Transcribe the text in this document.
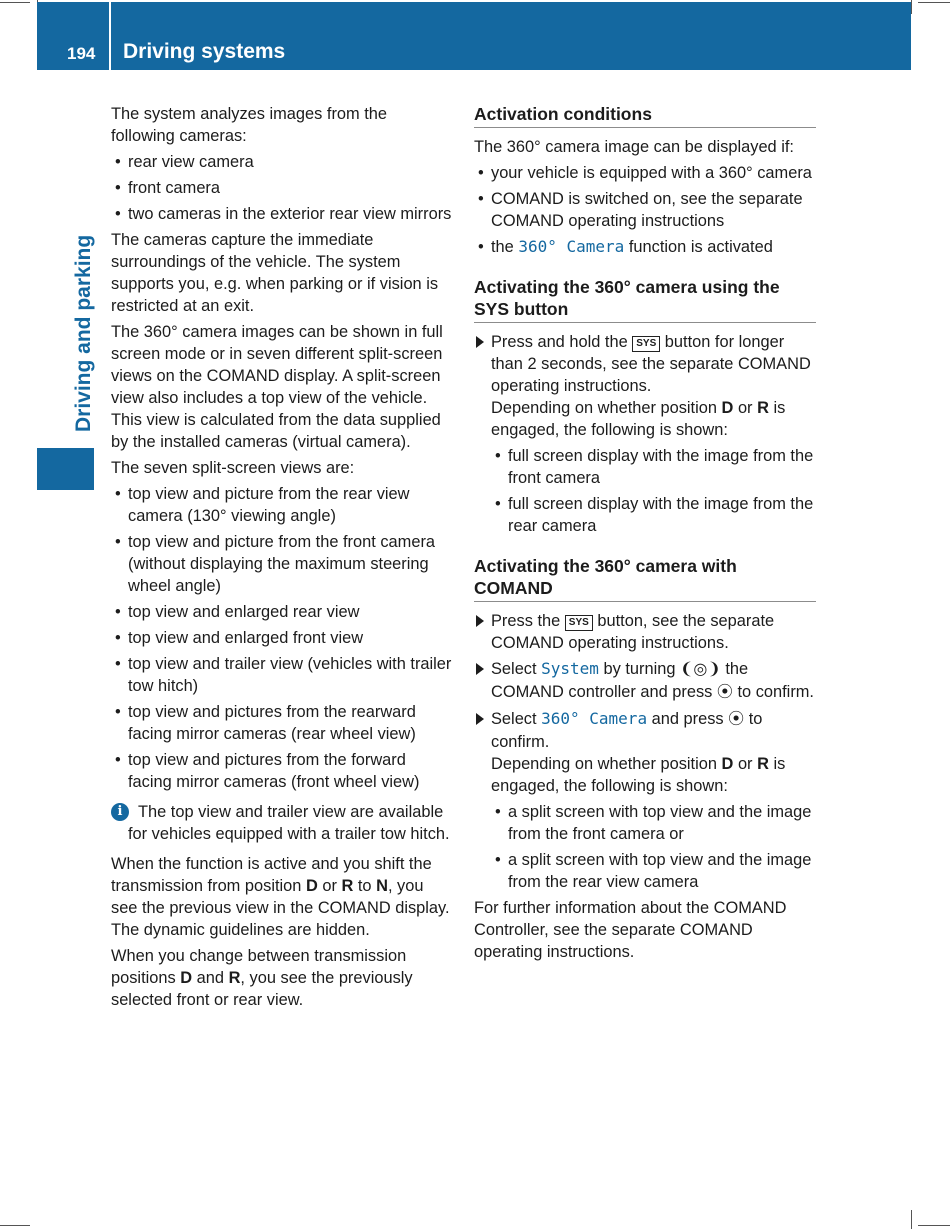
194 Driving systems
Driving and parking

The system analyzes images from the following cameras:

• rear view camera
• front camera
• two cameras in the exterior rear view mirrors

The cameras capture the immediate surroundings of the vehicle. The system supports you, e.g. when parking or if vision is restricted at an exit.

The 360° camera images can be shown in full screen mode or in seven different split-screen views on the COMAND display. A split-screen view also includes a top view of the vehicle. This view is calculated from the data supplied by the installed cameras (virtual camera).

The seven split-screen views are:

• top view and picture from the rear view camera (130° viewing angle)
• top view and picture from the front camera (without displaying the maximum steering wheel angle)
• top view and enlarged rear view
• top view and enlarged front view
• top view and trailer view (vehicles with trailer tow hitch)
• top view and pictures from the rearward facing mirror cameras (rear wheel view)
• top view and pictures from the forward facing mirror cameras (front wheel view)
i The top view and trailer view are available for vehicles equipped with a trailer tow hitch.

When the function is active and you shift the transmission from position D or R to N, you see the previous view in the COMAND display. The dynamic guidelines are hidden.

When you change between transmission positions D and R, you see the previously selected front or rear view.

Activation conditions

The 360° camera image can be displayed if:

• your vehicle is equipped with a 360° camera
• COMAND is switched on, see the separate COMAND operating instructions
• the 360° Camera function is activated
Activating the 360° camera using the SYS button
Press and hold the SYS button for longer than 2 seconds, see the separate COMAND operating instructions.
Depending on whether position D or R is engaged, the following is shown:
• full screen display with the image from the front camera
• full screen display with the image from the rear camera
Activating the 360° camera with COMAND
Press the SYS button, see the separate COMAND operating instructions.
Select System by turning ❨◎❩ the COMAND controller and press ⦿ to confirm.
Select 360° Camera and press ⦿ to confirm.
Depending on whether position D or R is engaged, the following is shown:
• a split screen with top view and the image from the front camera or
• a split screen with top view and the image from the rear view camera

For further information about the COMAND Controller, see the separate COMAND operating instructions.
